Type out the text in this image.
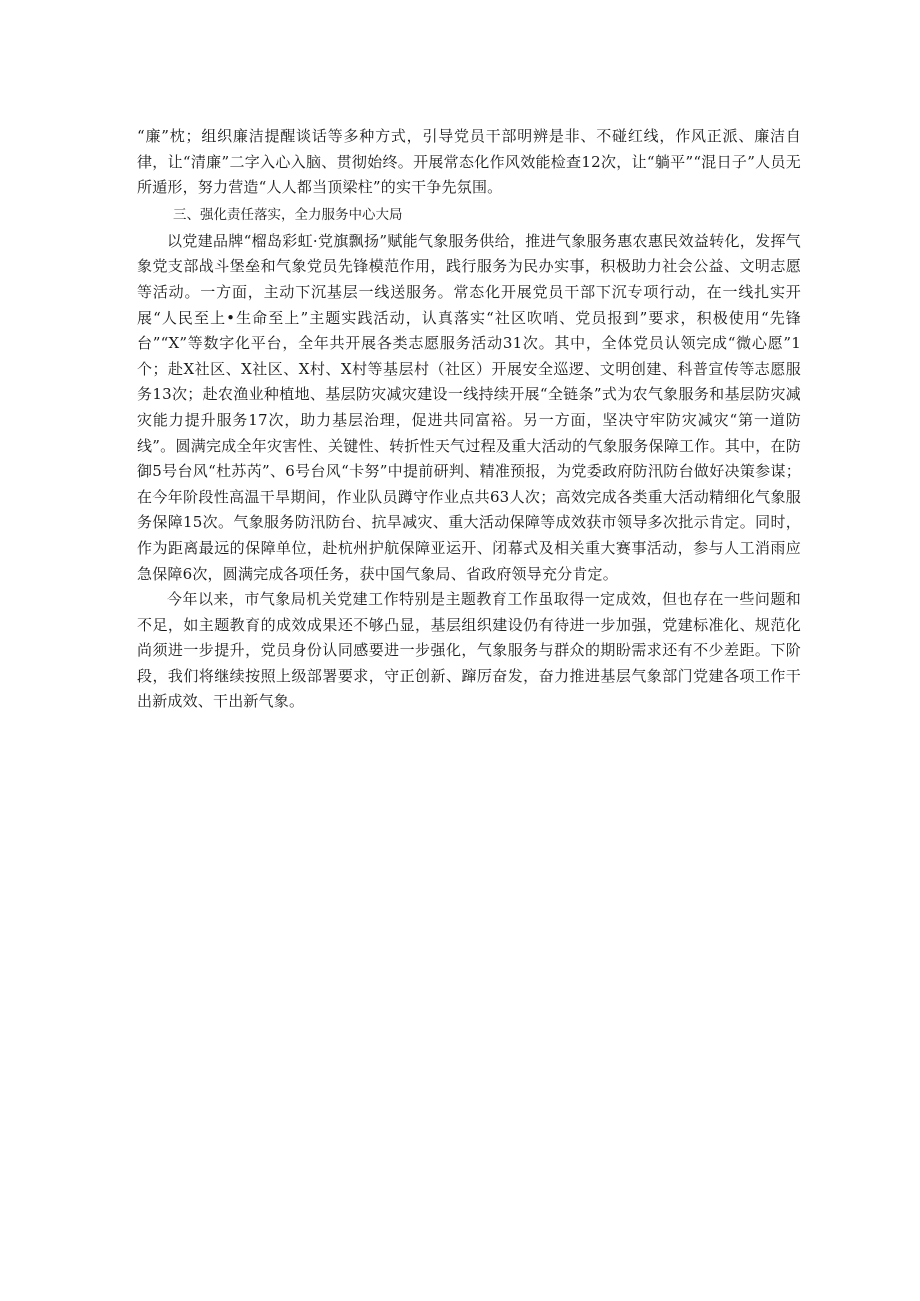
“廉”枕；组织廉洁提醒谈话等多种方式，引导党员干部明辨是非、不碰红线，作风正派、廉洁自律，让“清廉”二字入心入脑、贯彻始终。开展常态化作风效能检查12次，让“躺平”“混日子”人员无所遁形，努力营造“人人都当顶梁柱”的实干争先氛围。

三、强化责任落实，全力服务中心大局

以党建品牌“榴岛彩虹·党旗飘扬”赋能气象服务供给，推进气象服务惠农惠民效益转化，发挥气象党支部战斗堡垒和气象党员先锋模范作用，践行服务为民办实事，积极助力社会公益、文明志愿等活动。一方面，主动下沉基层一线送服务。常态化开展党员干部下沉专项行动，在一线扎实开展“人民至上•生命至上”主题实践活动，认真落实“社区吹哨、党员报到”要求，积极使用“先锋台”“X”等数字化平台，全年共开展各类志愿服务活动31次。其中，全体党员认领完成“微心愿”1个；赴X社区、X社区、X村、X村等基层村（社区）开展安全巡逻、文明创建、科普宣传等志愿服务13次；赴农渔业种植地、基层防灾减灾建设一线持续开展“全链条”式为农气象服务和基层防灾减灾能力提升服务17次，助力基层治理，促进共同富裕。另一方面，坚决守牢防灾减灾“第一道防线”。圆满完成全年灾害性、关键性、转折性天气过程及重大活动的气象服务保障工作。其中，在防御5号台风“杜苏芮”、6号台风“卡努”中提前研判、精准预报，为党委政府防汛防台做好决策参谋；在今年阶段性高温干旱期间，作业队员蹲守作业点共63人次；高效完成各类重大活动精细化气象服务保障15次。气象服务防汛防台、抗旱减灾、重大活动保障等成效获市领导多次批示肯定。同时，作为距离最远的保障单位，赴杭州护航保障亚运开、闭幕式及相关重大赛事活动，参与人工消雨应急保障6次，圆满完成各项任务，获中国气象局、省政府领导充分肯定。

今年以来，市气象局机关党建工作特别是主题教育工作虽取得一定成效，但也存在一些问题和不足，如主题教育的成效成果还不够凸显，基层组织建设仍有待进一步加强，党建标准化、规范化尚须进一步提升，党员身份认同感要进一步强化，气象服务与群众的期盼需求还有不少差距。下阶段，我们将继续按照上级部署要求，守正创新、蹿厉奋发，奋力推进基层气象部门党建各项工作干出新成效、干出新气象。
